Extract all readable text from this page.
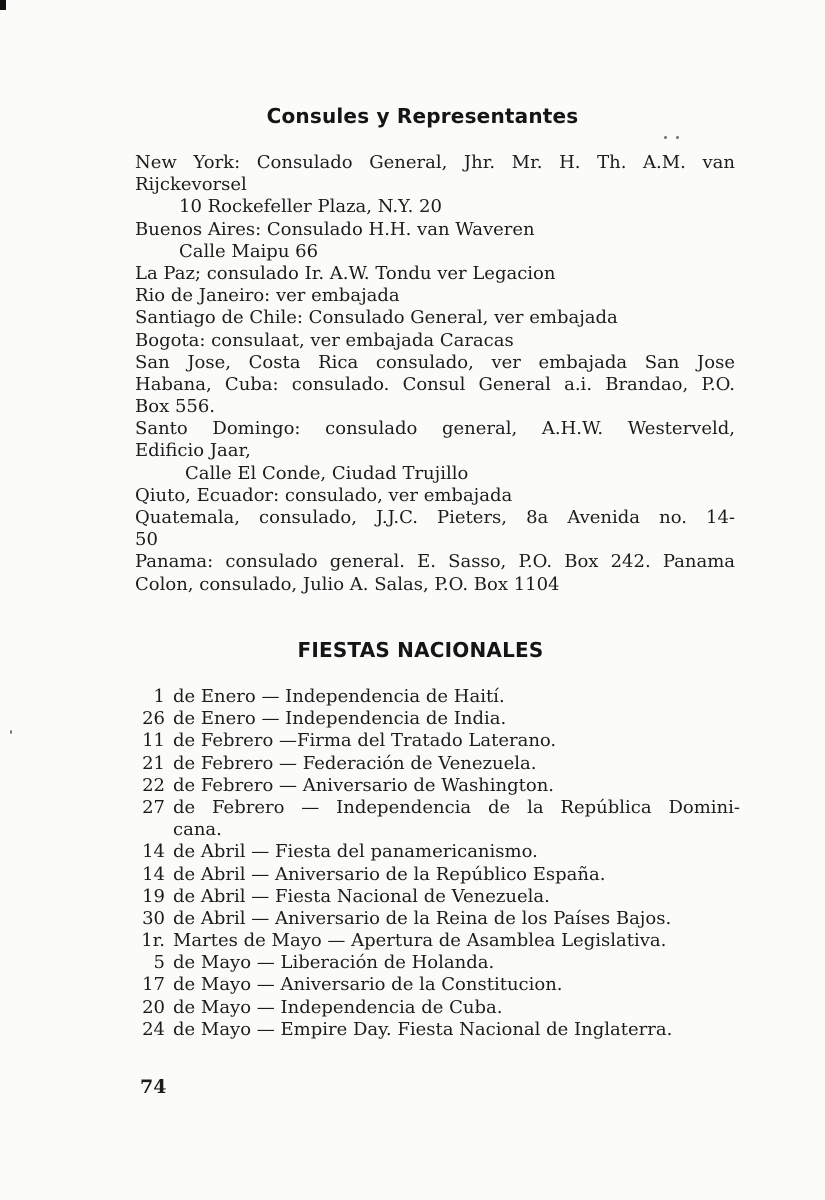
Consules y Representantes
New York: Consulado General, Jhr. Mr. H. Th. A.M. van
Rijckevorsel
10 Rockefeller Plaza, N.Y. 20
Buenos Aires: Consulado H.H. van Waveren
Calle Maipu 66
La Paz; consulado Ir. A.W. Tondu ver Legacion
Rio de Janeiro: ver embajada
Santiago de Chile: Consulado General, ver embajada
Bogota: consulaat, ver embajada Caracas
San Jose, Costa Rica consulado, ver embajada San Jose
Habana, Cuba: consulado. Consul General a.i. Brandao, P.O.
Box 556.
Santo Domingo: consulado general, A.H.W. Westerveld,
Edificio Jaar,
Calle El Conde, Ciudad Trujillo
Qiuto, Ecuador: consulado, ver embajada
Quatemala, consulado, J.J.C. Pieters, 8a Avenida no. 14-
50
Panama: consulado general. E. Sasso, P.O. Box 242. Panama
Colon, consulado, Julio A. Salas, P.O. Box 1104
FIESTAS NACIONALES
1 de Enero — Independencia de Haití.
26 de Enero — Independencia de India.
11 de Febrero —Firma del Tratado Laterano.
21 de Febrero — Federación de Venezuela.
22 de Febrero — Aniversario de Washington.
27 de Febrero — Independencia de la República Domini-
cana.
14 de Abril — Fiesta del panamericanismo.
14 de Abril — Aniversario de la Repúblico España.
19 de Abril — Fiesta Nacional de Venezuela.
30 de Abril — Aniversario de la Reina de los Países Bajos.
1r. Martes de Mayo — Apertura de Asamblea Legislativa.
5 de Mayo — Liberación de Holanda.
17 de Mayo — Aniversario de la Constitucion.
20 de Mayo — Independencia de Cuba.
24 de Mayo — Empire Day. Fiesta Nacional de Inglaterra.
74
